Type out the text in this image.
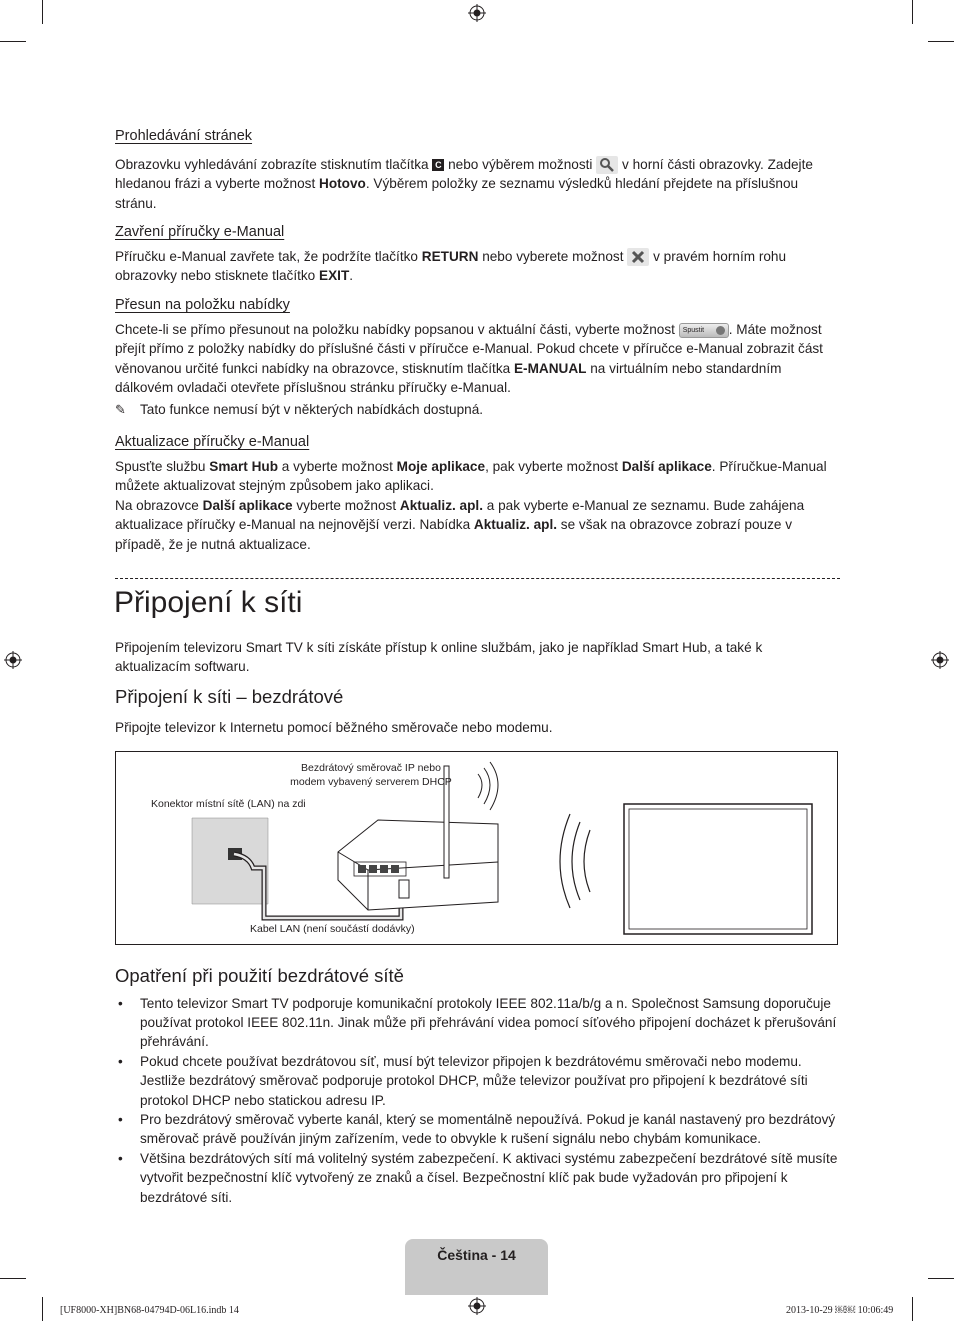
Prohledávání stránek
Obrazovku vyhledávání zobrazíte stisknutím tlačítka C nebo výběrem možnosti v horní části obrazovky. Zadejte hledanou frázi a vyberte možnost Hotovo. Výběrem položky ze seznamu výsledků hledání přejdete na příslušnou stránu.
Zavření příručky e-Manual
Příručku e-Manual zavřete tak, že podržíte tlačítko RETURN nebo vyberete možnost v pravém horním rohu obrazovky nebo stisknete tlačítko EXIT.
Přesun na položku nabídky
Chcete-li se přímo přesunout na položku nabídky popsanou v aktuální části, vyberte možnost Spustit . Máte možnost přejít přímo z položky nabídky do příslušné části v příručce e-Manual. Pokud chcete v příručce e-Manual zobrazit část věnovanou určité funkci nabídky na obrazovce, stisknutím tlačítka E-MANUAL na virtuálním nebo standardním dálkovém ovladači otevřete příslušnou stránku příručky e-Manual.
✎ Tato funkce nemusí být v některých nabídkách dostupná.
Aktualizace příručky e-Manual
Spusťte službu Smart Hub a vyberte možnost Moje aplikace, pak vyberte možnost Další aplikace. Příručkue-Manual můžete aktualizovat stejným způsobem jako aplikaci.
Na obrazovce Další aplikace vyberte možnost Aktualiz. apl. a pak vyberte e-Manual ze seznamu. Bude zahájena aktualizace příručky e-Manual na nejnovější verzi. Nabídka Aktualiz. apl. se však na obrazovce zobrazí pouze v případě, že je nutná aktualizace.
Připojení k síti
Připojením televizoru Smart TV k síti získáte přístup k online službám, jako je například Smart Hub, a také k aktualizacím softwaru.
Připojení k síti – bezdrátové
Připojte televizor k Internetu pomocí běžného směrovače nebo modemu.
Bezdrátový směrovač IP nebo
modem vybavený serverem DHCP
Konektor místní sítě (LAN) na zdi
Kabel LAN (není součástí dodávky)
Opatření při použití bezdrátové sítě
• Tento televizor Smart TV podporuje komunikační protokoly IEEE 802.11a/b/g a n. Společnost Samsung doporučuje používat protokol IEEE 802.11n. Jinak může při přehrávání videa pomocí síťového připojení docházet k přerušování přehrávání.
• Pokud chcete používat bezdrátovou síť, musí být televizor připojen k bezdrátovému směrovači nebo modemu. Jestliže bezdrátový směrovač podporuje protokol DHCP, může televizor používat pro připojení k bezdrátové síti protokol DHCP nebo statickou adresu IP.
• Pro bezdrátový směrovač vyberte kanál, který se momentálně nepoužívá. Pokud je kanál nastavený pro bezdrátový směrovač právě používán jiným zařízením, vede to obvykle k rušení signálu nebo chybám komunikace.
• Většina bezdrátových sítí má volitelný systém zabezpečení. K aktivaci systému zabezpečení bezdrátové sítě musíte vytvořit bezpečnostní klíč vytvořený ze znaků a čísel. Bezpečnostní klíč pak bude vyžadován pro připojení k bezdrátové síti.
Čeština - 14
[UF8000-XH]BN68-04794D-06L16.indb 14	2013-10-29 ￼￼ 10:06:49
